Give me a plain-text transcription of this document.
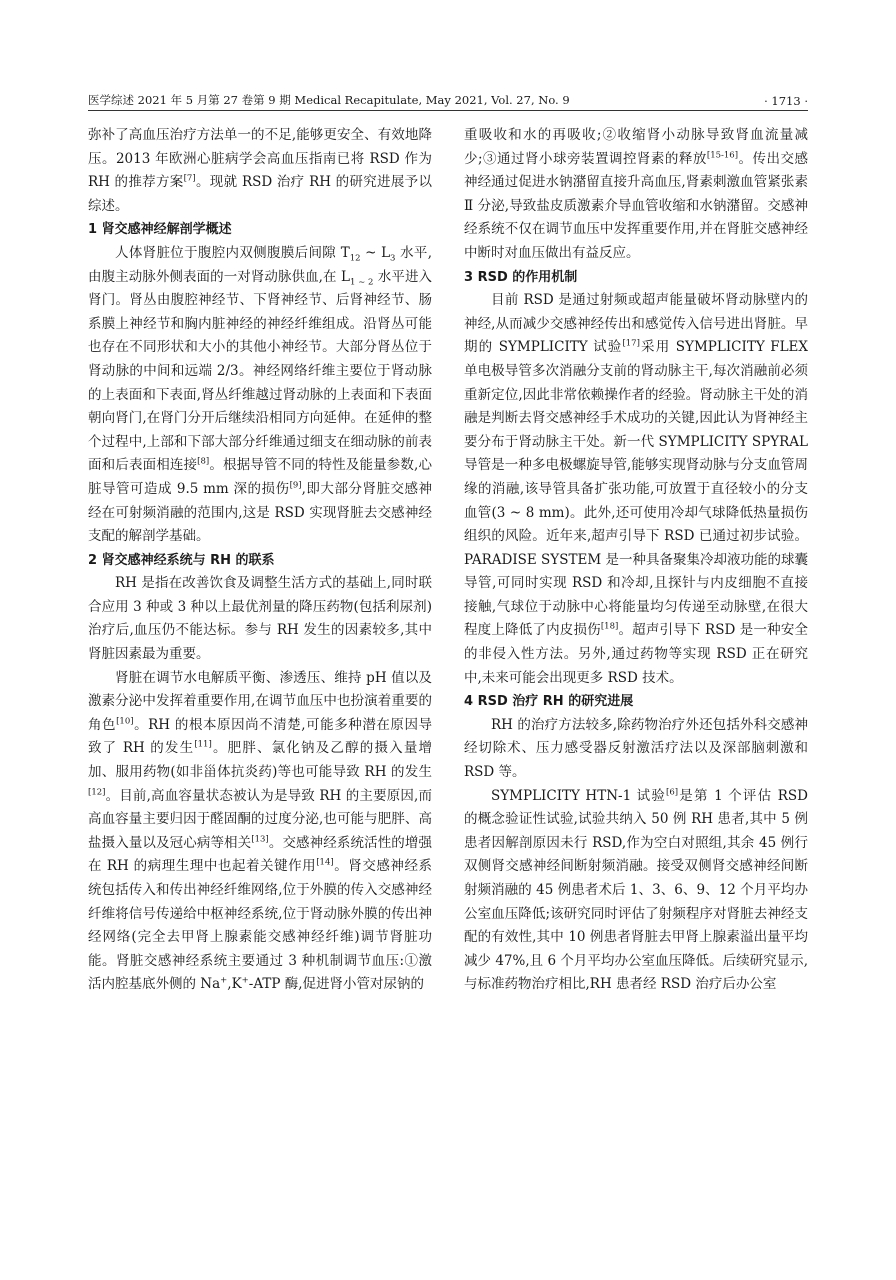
医学综述 2021 年 5 月第 27 卷第 9 期 Medical Recapitulate, May 2021, Vol. 27, No. 9	· 1713 ·

弥补了高血压治疗方法单一的不足,能够更安全、有效地降压。2013 年欧洲心脏病学会高血压指南已将 RSD 作为 RH 的推荐方案[7]。现就 RSD 治疗 RH 的研究进展予以综述。

1 肾交感神经解剖学概述

人体肾脏位于腹腔内双侧腹膜后间隙 $T_{12}$ ~ $L_3$ 水平,由腹主动脉外侧表面的一对肾动脉供血,在 $L_{1 \sim 2}$ 水平进入肾门。肾丛由腹腔神经节、下肾神经节、后肾神经节、肠系膜上神经节和胸内脏神经的神经纤维组成。沿肾丛可能也存在不同形状和大小的其他小神经节。大部分肾丛位于肾动脉的中间和远端 2/3。神经网络纤维主要位于肾动脉的上表面和下表面,肾丛纤维越过肾动脉的上表面和下表面朝向肾门,在肾门分开后继续沿相同方向延伸。在延伸的整个过程中,上部和下部大部分纤维通过细支在细动脉的前表面和后表面相连接[8]。根据导管不同的特性及能量参数,心脏导管可造成 9.5 mm 深的损伤[9],即大部分肾脏交感神经在可射频消融的范围内,这是 RSD 实现肾脏去交感神经支配的解剖学基础。

2 肾交感神经系统与 RH 的联系

RH 是指在改善饮食及调整生活方式的基础上,同时联合应用 3 种或 3 种以上最优剂量的降压药物(包括利尿剂)治疗后,血压仍不能达标。参与 RH 发生的因素较多,其中肾脏因素最为重要。

肾脏在调节水电解质平衡、渗透压、维持 pH 值以及激素分泌中发挥着重要作用,在调节血压中也扮演着重要的角色[10]。RH 的根本原因尚不清楚,可能多种潜在原因导致了 RH 的发生[11]。肥胖、氯化钠及乙醇的摄入量增加、服用药物(如非甾体抗炎药)等也可能导致 RH 的发生[12]。目前,高血容量状态被认为是导致 RH 的主要原因,而高血容量主要归因于醛固酮的过度分泌,也可能与肥胖、高盐摄入量以及冠心病等相关[13]。交感神经系统活性的增强在 RH 的病理生理中也起着关键作用[14]。肾交感神经系统包括传入和传出神经纤维网络,位于外膜的传入交感神经纤维将信号传递给中枢神经系统,位于肾动脉外膜的传出神经网络(完全去甲肾上腺素能交感神经纤维)调节肾脏功能。肾脏交感神经系统主要通过 3 种机制调节血压:①激活内腔基底外侧的 Na+,K+-ATP 酶,促进肾小管对尿钠的

重吸收和水的再吸收;②收缩肾小动脉导致肾血流量减少;③通过肾小球旁装置调控肾素的释放[15-16]。传出交感神经通过促进水钠潴留直接升高血压,肾素刺激血管紧张素 Ⅱ 分泌,导致盐皮质激素介导血管收缩和水钠潴留。交感神经系统不仅在调节血压中发挥重要作用,并在肾脏交感神经中断时对血压做出有益反应。

3 RSD 的作用机制

目前 RSD 是通过射频或超声能量破坏肾动脉壁内的神经,从而减少交感神经传出和感觉传入信号进出肾脏。早期的 SYMPLICITY 试验[17]采用 SYMPLICITY FLEX 单电极导管多次消融分支前的肾动脉主干,每次消融前必须重新定位,因此非常依赖操作者的经验。肾动脉主干处的消融是判断去肾交感神经手术成功的关键,因此认为肾神经主要分布于肾动脉主干处。新一代 SYMPLICITY SPYRAL 导管是一种多电极螺旋导管,能够实现肾动脉与分支血管周缘的消融,该导管具备扩张功能,可放置于直径较小的分支血管(3 ~ 8 mm)。此外,还可使用冷却气球降低热量损伤组织的风险。近年来,超声引导下 RSD 已通过初步试验。PARADISE SYSTEM 是一种具备聚集冷却液功能的球囊导管,可同时实现 RSD 和冷却,且探针与内皮细胞不直接接触,气球位于动脉中心将能量均匀传递至动脉壁,在很大程度上降低了内皮损伤[18]。超声引导下 RSD 是一种安全的非侵入性方法。另外,通过药物等实现 RSD 正在研究中,未来可能会出现更多 RSD 技术。

4 RSD 治疗 RH 的研究进展

RH 的治疗方法较多,除药物治疗外还包括外科交感神经切除术、压力感受器反射激活疗法以及深部脑刺激和 RSD 等。

SYMPLICITY HTN-1 试验[6]是第 1 个评估 RSD 的概念验证性试验,试验共纳入 50 例 RH 患者,其中 5 例患者因解剖原因未行 RSD,作为空白对照组,其余 45 例行双侧肾交感神经间断射频消融。接受双侧肾交感神经间断射频消融的 45 例患者术后 1、3、6、9、12 个月平均办公室血压降低;该研究同时评估了射频程序对肾脏去神经支配的有效性,其中 10 例患者肾脏去甲肾上腺素溢出量平均减少 47%,且 6 个月平均办公室血压降低。后续研究显示,与标准药物治疗相比,RH 患者经 RSD 治疗后办公室
